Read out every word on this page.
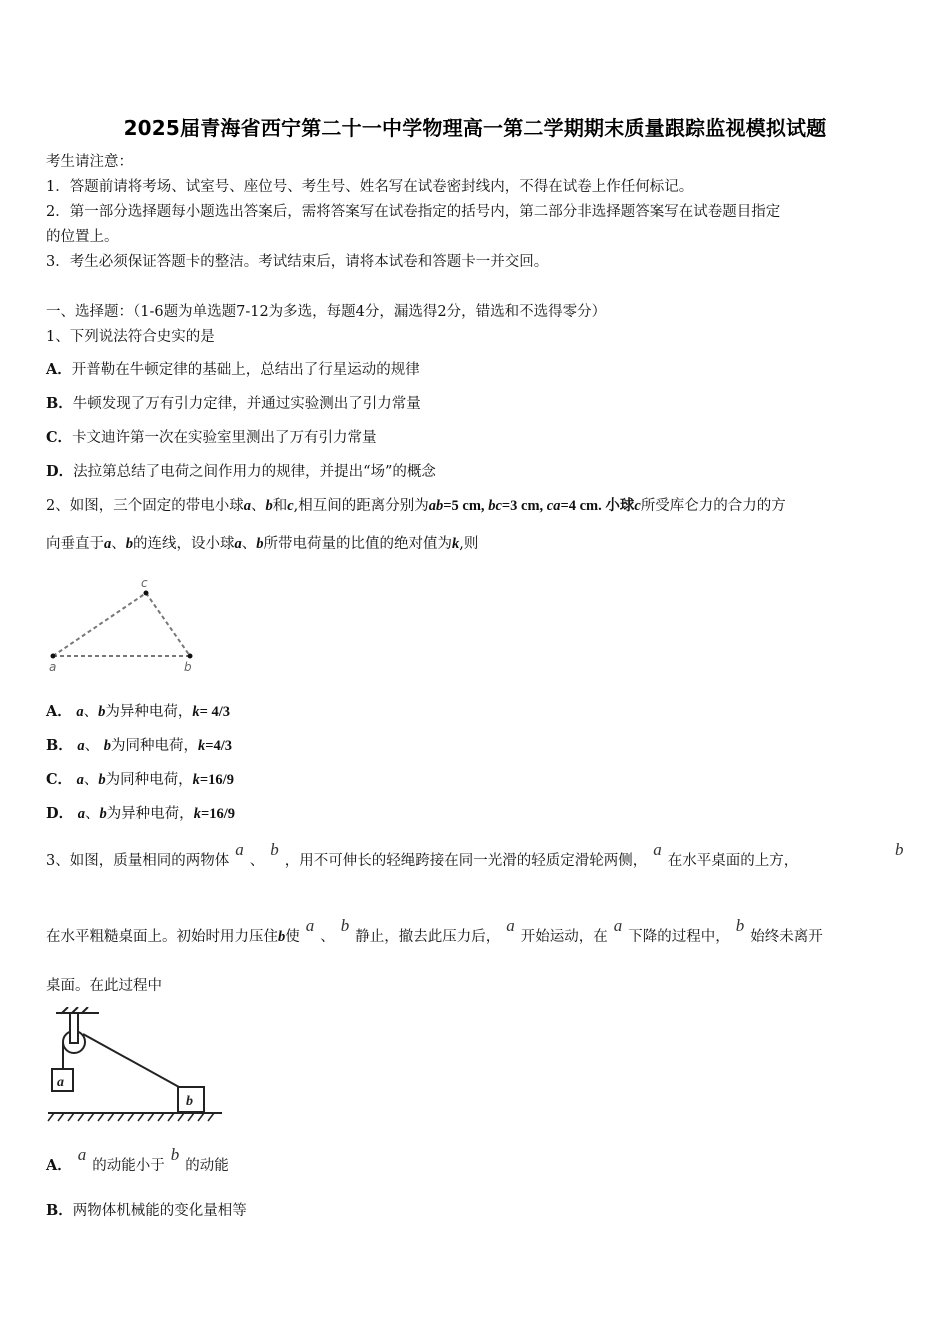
2025届青海省西宁第二十一中学物理高一第二学期期末质量跟踪监视模拟试题
考生请注意：
1．答题前请将考场、试室号、座位号、考生号、姓名写在试卷密封线内，不得在试卷上作任何标记。
2．第一部分选择题每小题选出答案后，需将答案写在试卷指定的括号内，第二部分非选择题答案写在试卷题目指定
的位置上。
3．考生必须保证答题卡的整洁。考试结束后，请将本试卷和答题卡一并交回。
一、选择题：（1-6题为单选题7-12为多选，每题4分，漏选得2分，错选和不选得零分）
1、下列说法符合史实的是
A．开普勒在牛顿定律的基础上，总结出了行星运动的规律
B．牛顿发现了万有引力定律，并通过实验测出了引力常量
C．卡文迪许第一次在实验室里测出了万有引力常量
D．法拉第总结了电荷之间作用力的规律，并提出“场”的概念
2、如图，三个固定的带电小球a、b和c,相互间的距离分别为ab=5 cm, bc=3 cm, ca=4 cm. 小球c所受库仑力的合力的方
向垂直于a、b的连线，设小球a、b所带电荷量的比值的绝对值为k,则
a
c
b
A． a、b为异种电荷，k= 4/3
B． a、 b为同种电荷，k=4/3
C． a、b为同种电荷，k=16/9
D． a、b为异种电荷，k=16/9
3、如图，质量相同的两物体a、b，用不可伸长的轻绳跨接在同一光滑的轻质定滑轮两侧，a在水平桌面的上方，
b
在水平粗糙桌面上。初始时用力压住b使a、b静止，撤去此压力后，a开始运动，在a下降的过程中，b始终未离开
桌面。在此过程中
a
b
A．a的动能小于b的动能
B．两物体机械能的变化量相等
